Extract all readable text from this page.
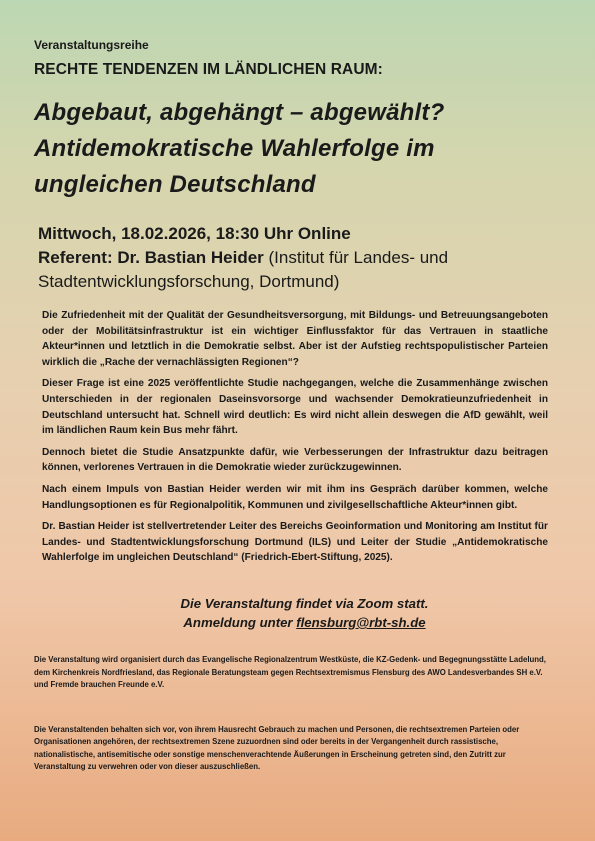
Veranstaltungsreihe
RECHTE TENDENZEN IM LÄNDLICHEN RAUM:
Abgebaut, abgehängt – abgewählt?
Antidemokratische Wahlerfolge im
ungleichen Deutschland
Mittwoch, 18.02.2026, 18:30 Uhr Online
Referent: Dr. Bastian Heider (Institut für Landes- und
Stadtentwicklungsforschung, Dortmund)

Die Zufriedenheit mit der Qualität der Gesundheitsversorgung, mit Bildungs- und Betreuungsangeboten oder der Mobilitätsinfrastruktur ist ein wichtiger Einflussfaktor für das Vertrauen in staatliche Akteur*innen und letztlich in die Demokratie selbst. Aber ist der Aufstieg rechtspopulistischer Parteien wirklich die „Rache der vernachlässigten Regionen“?

Dieser Frage ist eine 2025 veröffentlichte Studie nachgegangen, welche die Zusammenhänge zwischen Unterschieden in der regionalen Daseinsvorsorge und wachsender Demokratieunzufriedenheit in Deutschland untersucht hat. Schnell wird deutlich: Es wird nicht allein deswegen die AfD gewählt, weil im ländlichen Raum kein Bus mehr fährt.

Dennoch bietet die Studie Ansatzpunkte dafür, wie Verbesserungen der Infrastruktur dazu beitragen können, verlorenes Vertrauen in die Demokratie wieder zurückzugewinnen.

Nach einem Impuls von Bastian Heider werden wir mit ihm ins Gespräch darüber kommen, welche Handlungsoptionen es für Regionalpolitik, Kommunen und zivilgesellschaftliche Akteur*innen gibt.

Dr. Bastian Heider ist stellvertretender Leiter des Bereichs Geoinformation und Monitoring am Institut für Landes- und Stadtentwicklungsforschung Dortmund (ILS) und Leiter der Studie „Antidemokratische Wahlerfolge im ungleichen Deutschland“ (Friedrich-Ebert-Stiftung, 2025).

Die Veranstaltung findet via Zoom statt.
Anmeldung unter flensburg@rbt-sh.de

Die Veranstaltung wird organisiert durch das Evangelische Regionalzentrum Westküste, die KZ-Gedenk- und Begegnungsstätte Ladelund, dem Kirchenkreis Nordfriesland, das Regionale Beratungsteam gegen Rechtsextremismus Flensburg des AWO Landesverbandes SH e.V. und Fremde brauchen Freunde e.V.

Die Veranstaltenden behalten sich vor, von ihrem Hausrecht Gebrauch zu machen und Personen, die rechtsextremen Parteien oder Organisationen angehören, der rechtsextremen Szene zuzuordnen sind oder bereits in der Vergangenheit durch rassistische, nationalistische, antisemitische oder sonstige menschenverachtende Äußerungen in Erscheinung getreten sind, den Zutritt zur Veranstaltung zu verwehren oder von dieser auszuschließen.
